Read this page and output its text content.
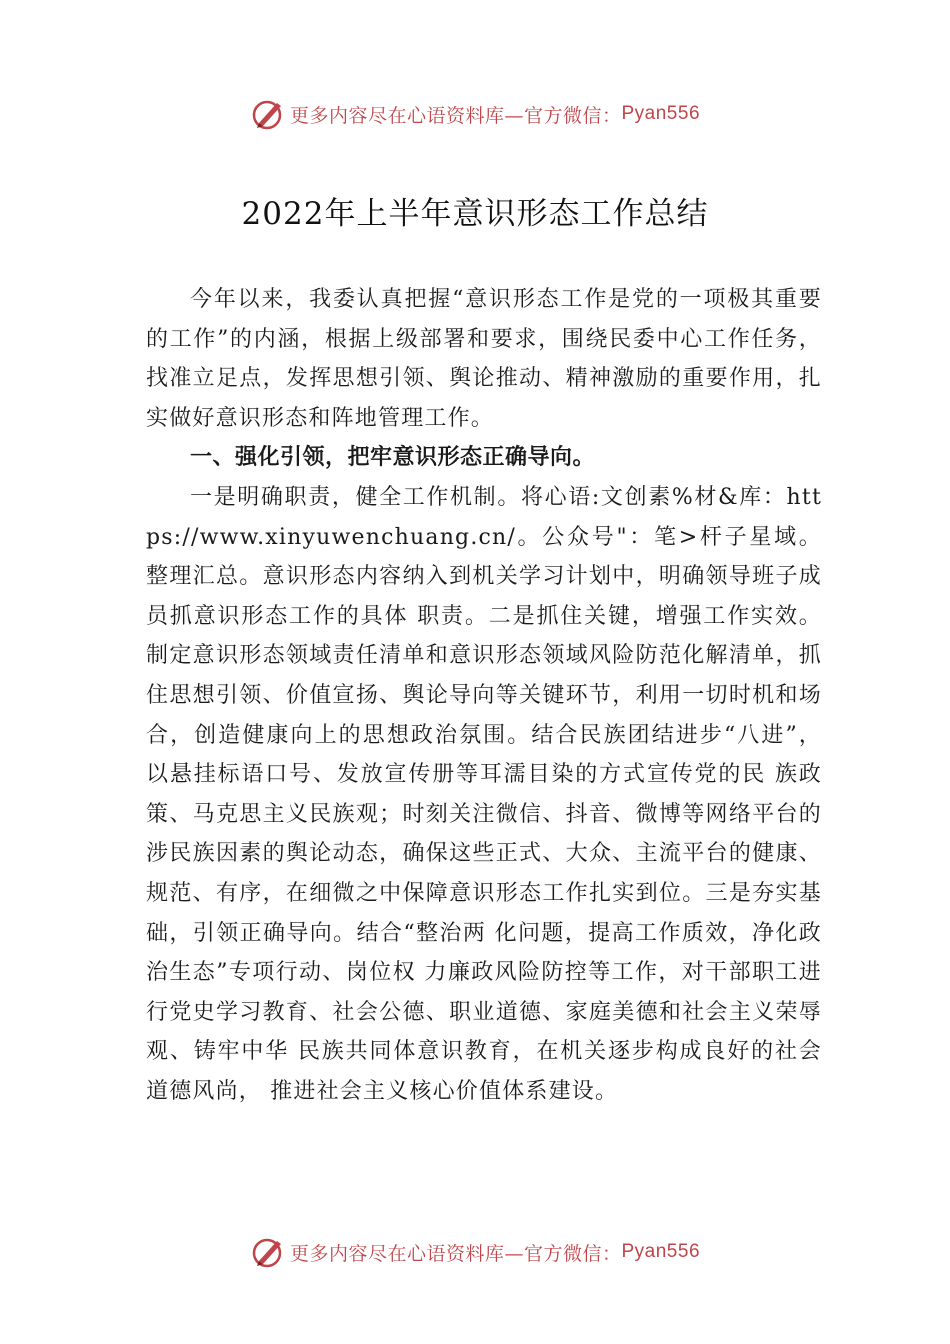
更多内容尽在心语资料库—官方微信： Pyan556
2022年上半年意识形态工作总结

今年以来，我委认真把握“意识形态工作是党的一项极其重要的工作”的内涵，根据上级部署和要求，围绕民委中心工作任务，找准立足点，发挥思想引领、舆论推动、精神激励的重要作用，扎实做好意识形态和阵地管理工作。

一、强化引领，把牢意识形态正确导向。

一是明确职责，健全工作机制。将心语:文创素%材&库：https://www.xinyuwenchuang.cn/。公众号"：笔>杆子星域。整理汇总。意识形态内容纳入到机关学习计划中，明确领导班子成员抓意识形态工作的具体 职责。二是抓住关键，增强工作实效。制定意识形态领域责任清单和意识形态领域风险防范化解清单，抓住思想引领、价值宣扬、舆论导向等关键环节，利用一切时机和场合，创造健康向上的思想政治氛围。结合民族团结进步“八进”， 以悬挂标语口号、发放宣传册等耳濡目染的方式宣传党的民 族政策、马克思主义民族观；时刻关注微信、抖音、微博等网络平台的涉民族因素的舆论动态，确保这些正式、大众、主流平台的健康、规范、有序，在细微之中保障意识形态工作扎实到位。三是夯实基础，引领正确导向。结合“整治两 化问题，提高工作质效，净化政治生态”专项行动、岗位权 力廉政风险防控等工作，对干部职工进行党史学习教育、社会公德、职业道德、家庭美德和社会主义荣辱观、铸牢中华 民族共同体意识教育，在机关逐步构成良好的社会道德风尚， 推进社会主义核心价值体系建设。

更多内容尽在心语资料库—官方微信： Pyan556
